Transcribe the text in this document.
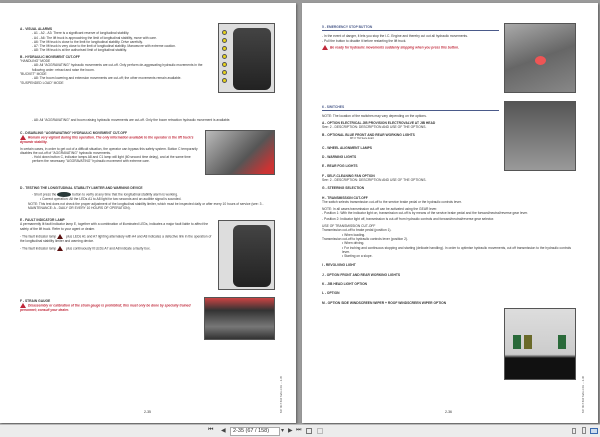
A - VISUAL ALARMS
- A1 - A2 - A3: There is a significant reserve of longitudinal stability.
- A4 - A6: The lift truck is approaching the limit of longitudinal stability, move with care.
- A6: The lift truck is close to the limit for longitudinal stability. Drive carefully.
- A7: The lift truck is very close to the limit of longitudinal stability. Manoeuvre with extreme caution.
- A8: The lift truck is at the authorised limit of longitudinal stability.
B - HYDRAULIC MOVEMENT CUT-OFF
"HANDLING" MODE
- A8: All "AGGRAVATING" hydraulic movements are cut-off. Only perform de-aggravating hydraulic movements in the following order: retract and raise the boom.
"BUCKET" MODE
- A8: The boom lowering and extension movements are cut-off; the other movements remain available.
"SUSPENDED LOAD" MODE
- A8: All "AGGRAVATING" and boom raising hydraulic movements are cut-off. Only the boom retraction hydraulic movement is available.
C - DISABLING "AGGRAVATING" HYDRAULIC MOVEMENT CUT-OFF
Remain very vigilant during this operation. The only information available to the operator is the lift truck's dynamic stability.
In certain cases, in order to get out of a difficult situation, the operator can bypass this safety system. Button C temporarily disables the cut-off of "AGGRAVATING" hydraulic movements.
- Hold down button C, indicator lamps A8 and C1 lamp will light (60 second time delay), and at the same time perform the necessary "AGGRAVATING" hydraulic movement with extreme care.
D - TESTING THE LONGITUDINAL STABILITY LIMITER AND WARNING DEVICE
- Short press the	button to verify at any time that the longitudinal stability alarm is working.
• Correct operation: All the LEDs A1 to A8 light for two seconds and an audible signal is sounded.
NOTE: This test does not check the proper adjustment of the longitudinal stability limiter, which must be inspected daily or after every 10 hours of service (see: 3 - MAINTENANCE: A - DAILY OR EVERY 10 HOURS OF OPERATION).
E - FAULT INDICATOR LAMP
A permanently lit fault indicator lamp E, together with a combination of illuminated LEDs, indicates a major fault liable to affect the safety of the lift truck. Refer to your agent or dealer.
- The fault indicator lamp	plus LEDs A1 and A7 lighting alternately with A4 and A8 indicates a defective link in the operation of the longitudinal stability limiter and warning device.
- The fault indicator lamp	plus continuously lit LEDs A7 and A8 indicate a faulty box.
F - STRAIN GAUGE
Disassembly or calibration of the strain gauge is prohibited; this must only be done by specially trained personnel; consult your dealer.
2-35	647 MLT 634 Turbo LSU ... 2-35
5 - EMERGENCY STOP BUTTON
- In the event of danger, it lets you stop the I.C. Engine and thereby cut out all hydraulic movements.
- Pull the button to disable it before restarting the lift truck.
Be ready for hydraulic movements suddenly stopping when you press this button.
6 - SWITCHES
NOTE: The location of the switches may vary depending on the options.
A - OPTION ELECTRICAL JIB PROVISION ELECTROVALVE AT JIB HEAD
See: 2 - DESCRIPTION: DESCRIPTION AND USE OF THE OPTIONS.
B - OPTIONAL BLUE FRONT AND REAR WORKING LIGHTS
MT-X 732 Serie E-E3
C - WHEEL ALIGNMENT LAMPS
D - WARNING LIGHTS
E - REAR FOG LIGHTS
F - SELF-CLEANING FAN OPTION
See: 2 - DESCRIPTION: DESCRIPTION AND USE OF THE OPTIONS.
G - STEERING SELECTION
H - TRANSMISSION CUT-OFF
The switch selects transmission cut-off to the service brake pedal or the hydraulic controls lever.
NOTE: In all cases transmission cut-off can be activated using the GEAR lever.
- Position 1: With the indicator light on, transmission cut-off is by means of the service brake pedal and the forward/neutral/reverse gear lever.
- Position 2: Indicator light off, transmission is cut-off from hydraulic controls and forward/neutral/reverse gear selector.
USE OF TRANSMISSION CUT-OFF
Transmission cut-off to brake pedal (position 1).
• When loading.
Transmission cut-off to hydraulic controls lever (position 2).
• When driving.
• For inching and continuous stopping and starting (delicate handling). In order to optimise hydraulic movements, cut off transmission to the hydraulic controls lever.
• Starting on a slope.
I - REVOLVING LIGHT
J - OPTION FRONT AND REAR WORKING LIGHTS
K - JIB HEAD LIGHT OPTION
L - OPTION
M - OPTION SIDE WINDSCREEN WIPER + ROOF WINDSCREEN WIPER OPTION
2-36	647 MLT 634 Turbo LSU ... 2-36
⏮ ◀	2-35 (67 / 158)	▾ ▶ ⏭
